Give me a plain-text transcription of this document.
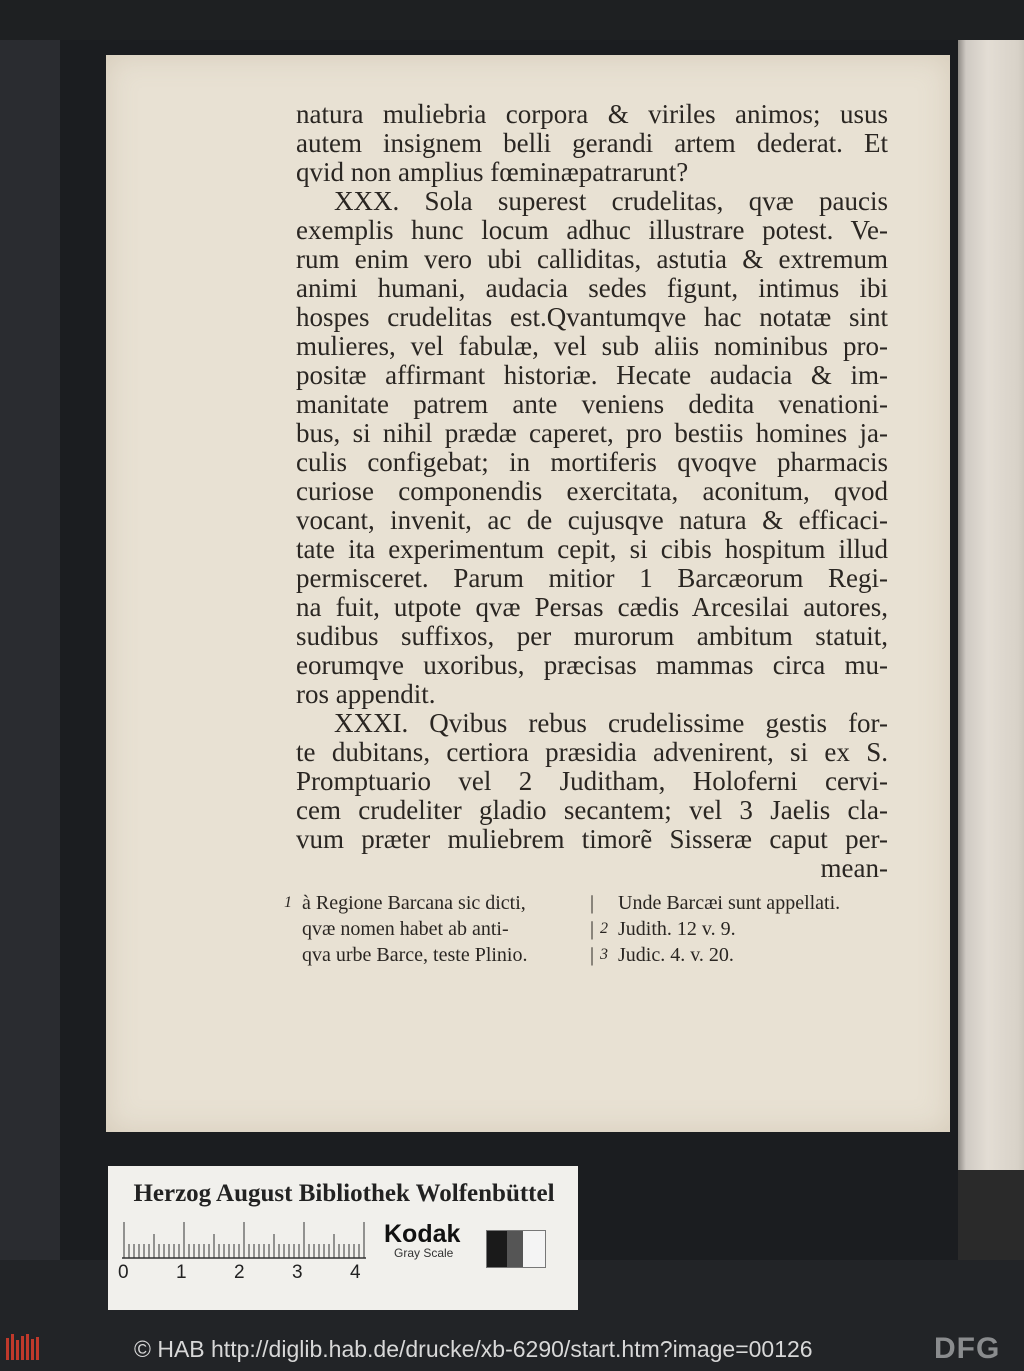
natura muliebria corpora & viriles animos; usus
autem insignem belli gerandi artem dederat. Et
qvid non amplius fœminæpatrarunt?
XXX. Sola superest crudelitas, qvæ paucis
exemplis hunc locum adhuc illustrare potest. Ve-
rum enim vero ubi calliditas, astutia & extremum
animi humani, audacia sedes figunt, intimus ibi
hospes crudelitas est.Qvantumqve hac notatæ sint
mulieres, vel fabulæ, vel sub aliis nominibus pro-
positæ affirmant historiæ. Hecate audacia & im-
manitate patrem ante veniens dedita venationi-
bus, si nihil prædæ caperet, pro bestiis homines ja-
culis configebat; in mortiferis qvoqve pharmacis
curiose componendis exercitata, aconitum, qvod
vocant, invenit, ac de cujusqve natura & efficaci-
tate ita experimentum cepit, si cibis hospitum illud
permisceret. Parum mitior 1 Barcæorum Regi-
na fuit, utpote qvæ Persas cædis Arcesilai autores,
sudibus suffixos, per murorum ambitum statuit,
eorumqve uxoribus, præcisas mammas circa mu-
ros appendit.
XXXI. Qvibus rebus crudelissime gestis for-
te dubitans, certiora præsidia advenirent, si ex S.
Promptuario vel 2 Juditham, Holoferni cervi-
cem crudeliter gladio secantem; vel 3 Jaelis cla-
vum præter muliebrem timorẽ Sisseræ caput per-
mean-
1 à Regione Barcana sic dicti,	|	Unde Barcæi sunt appellati.
qvæ nomen habet ab anti-	| 2 Judith. 12 v. 9.
qva urbe Barce, teste Plinio.	| 3 Judic. 4. v. 20.
Herzog August Bibliothek Wolfenbüttel
0 1 2 3 4
Kodak
Gray Scale
© HAB http://diglib.hab.de/drucke/xb-6290/start.htm?image=00126	DFG
